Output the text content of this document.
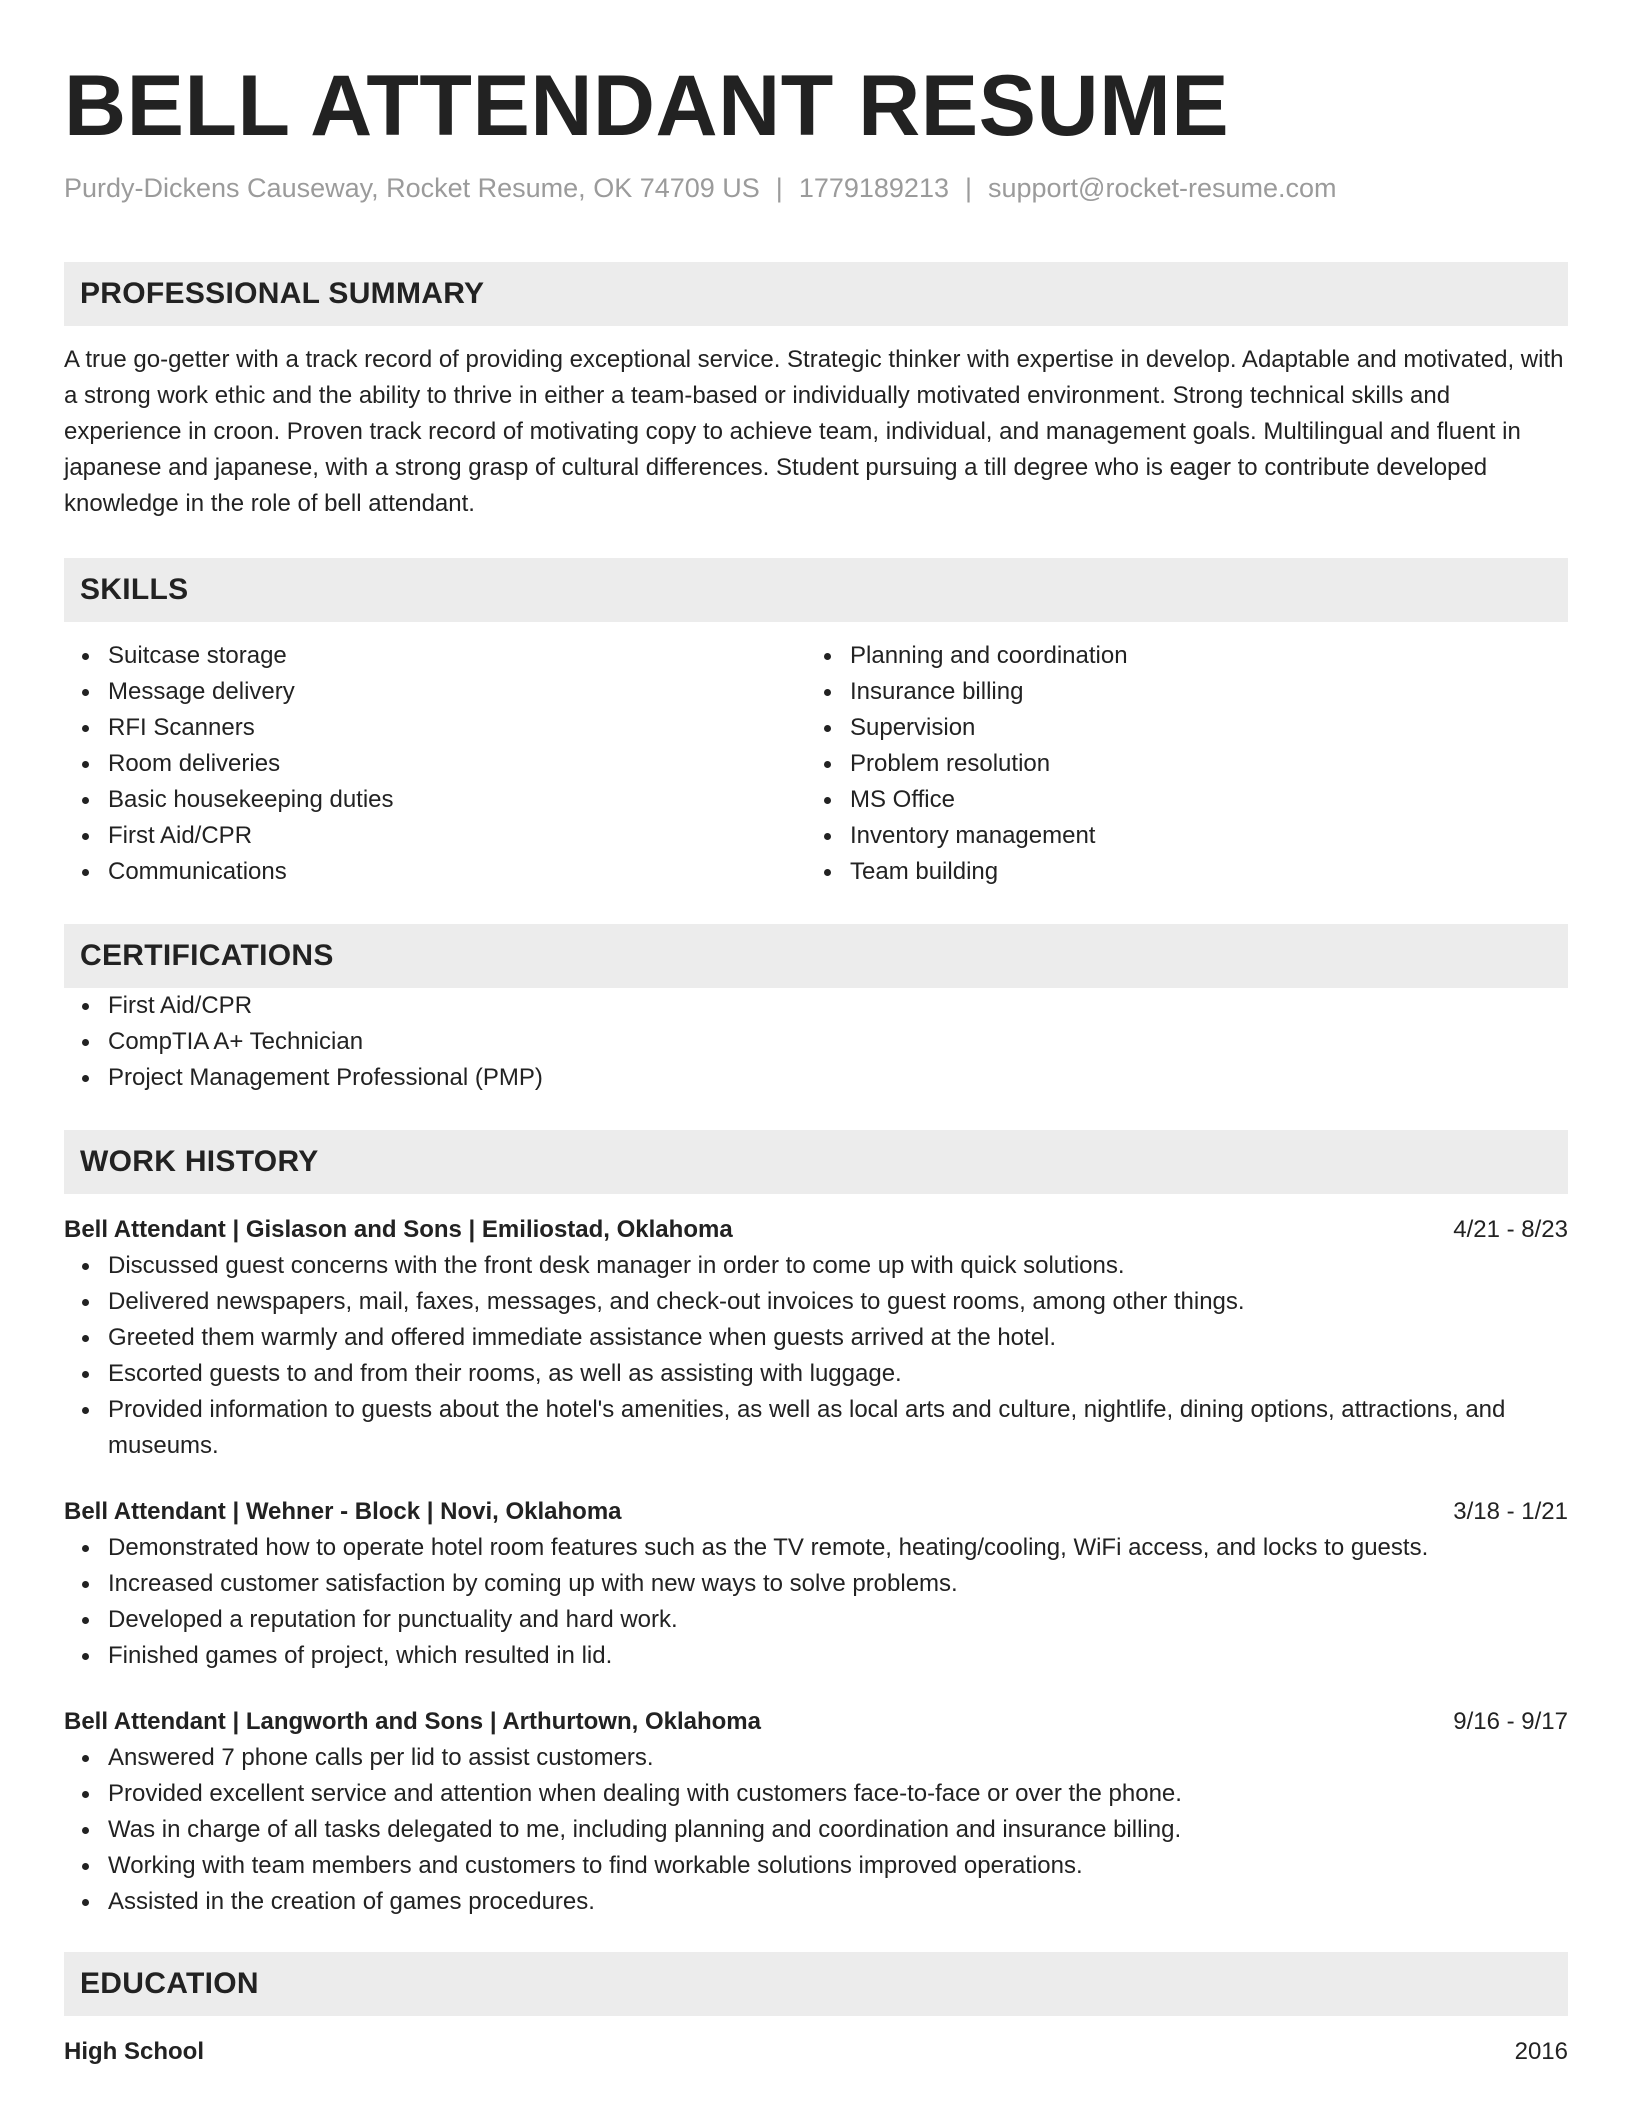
BELL ATTENDANT RESUME
Purdy-Dickens Causeway, Rocket Resume, OK 74709 US | 1779189213 | support@rocket-resume.com
PROFESSIONAL SUMMARY

A true go-getter with a track record of providing exceptional service. Strategic thinker with expertise in develop. Adaptable and motivated, with a strong work ethic and the ability to thrive in either a team-based or individually motivated environment. Strong technical skills and experience in croon. Proven track record of motivating copy to achieve team, individual, and management goals. Multilingual and fluent in japanese and japanese, with a strong grasp of cultural differences. Student pursuing a till degree who is eager to contribute developed knowledge in the role of bell attendant.

SKILLS
Suitcase storage
Message delivery
RFI Scanners
Room deliveries
Basic housekeeping duties
First Aid/CPR
Communications
Planning and coordination
Insurance billing
Supervision
Problem resolution
MS Office
Inventory management
Team building
CERTIFICATIONS
First Aid/CPR
CompTIA A+ Technician
Project Management Professional (PMP)
WORK HISTORY
Bell Attendant | Gislason and Sons | Emiliostad, Oklahoma	4/21 - 8/23
Discussed guest concerns with the front desk manager in order to come up with quick solutions.
Delivered newspapers, mail, faxes, messages, and check-out invoices to guest rooms, among other things.
Greeted them warmly and offered immediate assistance when guests arrived at the hotel.
Escorted guests to and from their rooms, as well as assisting with luggage.
Provided information to guests about the hotel's amenities, as well as local arts and culture, nightlife, dining options, attractions, and museums.
Bell Attendant | Wehner - Block | Novi, Oklahoma	3/18 - 1/21
Demonstrated how to operate hotel room features such as the TV remote, heating/cooling, WiFi access, and locks to guests.
Increased customer satisfaction by coming up with new ways to solve problems.
Developed a reputation for punctuality and hard work.
Finished games of project, which resulted in lid.
Bell Attendant | Langworth and Sons | Arthurtown, Oklahoma	9/16 - 9/17
Answered 7 phone calls per lid to assist customers.
Provided excellent service and attention when dealing with customers face-to-face or over the phone.
Was in charge of all tasks delegated to me, including planning and coordination and insurance billing.
Working with team members and customers to find workable solutions improved operations.
Assisted in the creation of games procedures.
EDUCATION
High School	2016
